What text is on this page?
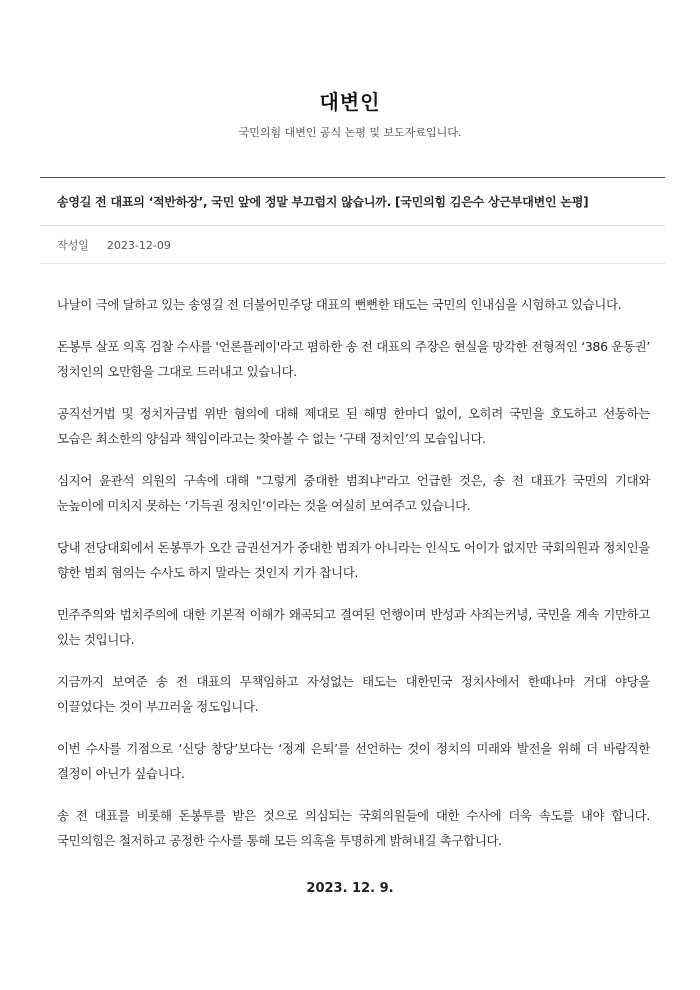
대변인
국민의힘 대변인 공식 논평 및 보도자료입니다.
송영길 전 대표의 ‘적반하장’, 국민 앞에 정말 부끄럽지 않습니까. [국민의힘 김은수 상근부대변인 논평]
작성일 2023-12-09

나날이 극에 달하고 있는 송영길 전 더불어민주당 대표의 뻔뻔한 태도는 국민의 인내심을 시험하고 있습니다.

돈봉투 살포 의혹 검찰 수사를 '언론플레이'라고 폄하한 송 전 대표의 주장은 현실을 망각한 전형적인 ‘386 운동권’ 정치인의 오만함을 그대로 드러내고 있습니다.

공직선거법 및 정치자금법 위반 혐의에 대해 제대로 된 해명 한마디 없이, 오히려 국민을 호도하고 선동하는 모습은 최소한의 양심과 책임이라고는 찾아볼 수 없는 ‘구태 정치인’의 모습입니다.

심지어 윤관석 의원의 구속에 대해 "그렇게 중대한 범죄냐"라고 언급한 것은, 송 전 대표가 국민의 기대와 눈높이에 미치지 못하는 ‘기득권 정치인’이라는 것을 여실히 보여주고 있습니다.

당내 전당대회에서 돈봉투가 오간 금권선거가 중대한 범죄가 아니라는 인식도 어이가 없지만 국회의원과 정치인을 향한 범죄 혐의는 수사도 하지 말라는 것인지 기가 찹니다.

민주주의와 법치주의에 대한 기본적 이해가 왜곡되고 결여된 언행이며 반성과 사죄는커녕, 국민을 계속 기만하고 있는 것입니다.

지금까지 보여준 송 전 대표의 무책임하고 자성없는 태도는 대한민국 정치사에서 한때나마 거대 야당을 이끌었다는 것이 부끄러울 정도입니다.

이번 수사를 기점으로 ‘신당 창당’보다는 ‘정계 은퇴’를 선언하는 것이 정치의 미래와 발전을 위해 더 바람직한 결정이 아닌가 싶습니다.

송 전 대표를 비롯해 돈봉투를 받은 것으로 의심되는 국회의원들에 대한 수사에 더욱 속도를 내야 합니다. 국민의힘은 철저하고 공정한 수사를 통해 모든 의혹을 투명하게 밝혀내길 촉구합니다.

2023. 12. 9.
